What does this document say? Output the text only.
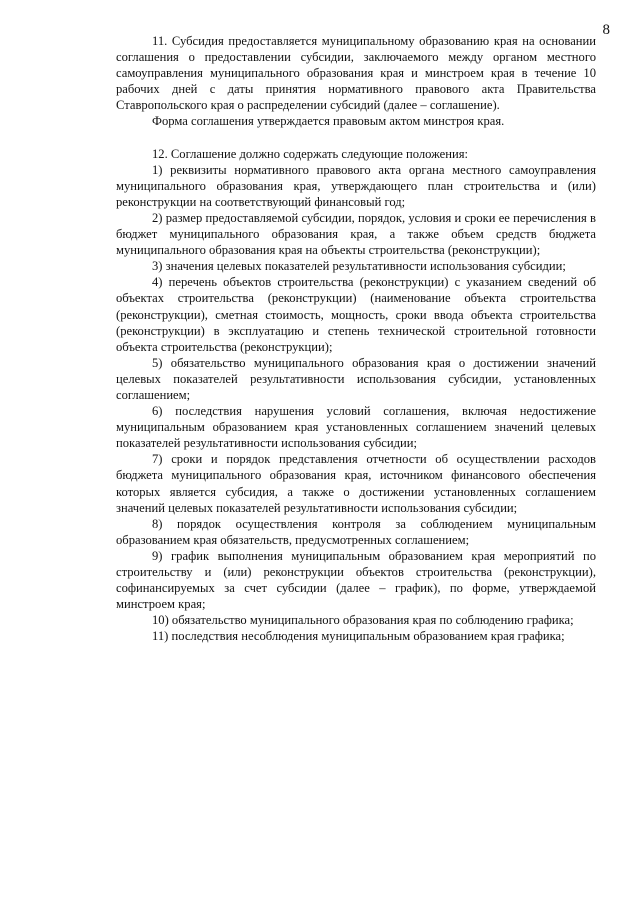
8

11. Субсидия предоставляется муниципальному образованию края на основании соглашения о предоставлении субсидии, заключаемого между органом местного самоуправления муниципального образования края и минстроем края в течение 10 рабочих дней с даты принятия нормативного правового акта Правительства Ставропольского края о распределении субсидий (далее – соглашение).

Форма соглашения утверждается правовым актом минстроя края.

12. Соглашение должно содержать следующие положения:

1) реквизиты нормативного правового акта органа местного самоуправления муниципального образования края, утверждающего план строительства и (или) реконструкции на соответствующий финансовый год;

2) размер предоставляемой субсидии, порядок, условия и сроки ее перечисления в бюджет муниципального образования края, а также объем средств бюджета муниципального образования края на объекты строительства (реконструкции);

3) значения целевых показателей результативности использования субсидии;

4) перечень объектов строительства (реконструкции) с указанием сведений об объектах строительства (реконструкции) (наименование объекта строительства (реконструкции), сметная стоимость, мощность, сроки ввода объекта строительства (реконструкции) в эксплуатацию и степень технической строительной готовности объекта строительства (реконструкции);

5) обязательство муниципального образования края о достижении значений целевых показателей результативности использования субсидии, установленных соглашением;

6) последствия нарушения условий соглашения, включая недостижение муниципальным образованием края установленных соглашением значений целевых показателей результативности использования субсидии;

7) сроки и порядок представления отчетности об осуществлении расходов бюджета муниципального образования края, источником финансового обеспечения которых является субсидия, а также о достижении установленных соглашением значений целевых показателей результативности использования субсидии;

8) порядок осуществления контроля за соблюдением муниципальным образованием края обязательств, предусмотренных соглашением;

9) график выполнения муниципальным образованием края мероприятий по строительству и (или) реконструкции объектов строительства (реконструкции), софинансируемых за счет субсидии (далее – график), по форме, утверждаемой минстроем края;

10) обязательство муниципального образования края по соблюдению графика;

11) последствия несоблюдения муниципальным образованием края графика;
